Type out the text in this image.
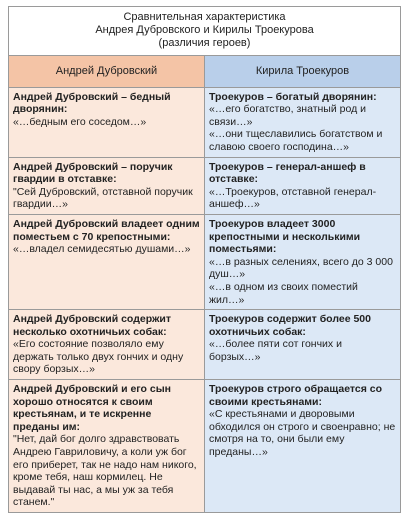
Сравнительная характеристика
Андрея Дубровского и Кирилы Троекурова
(различия героев)	

Андрей Дубровский	Кирила Троекуров

Андрей Дубровский – бедный дворянин:
«…бедным его соседом…»	Троекуров – богатый дворянин:
«…его богатство, знатный род и связи…»
«…они тщеславились богатством и славою своего господина…»

Андрей Дубровский – поручик гвардии в отставке:
"Сей Дубровский, отставной поручик гвардии…»	Троекуров – генерал-аншеф в отставке:
«…Троекуров, отставной генерал-аншеф…»

Андрей Дубровский владеет одним поместьем с 70 крепостными:
«…владел семидесятью душами…»	Троекуров владеет 3000 крепостными и несколькими поместьями:
«…в разных селениях, всего до 3 000 душ…»
«…в одном из своих поместий жил…»

Андрей Дубровский содержит несколько охотничьих собак:
«Его состояние позволяло ему держать только двух гончих и одну свору борзых…»	Троекуров содержит более 500 охотничьих собак:
«…более пяти сот гончих и борзых…»

Андрей Дубровский и его сын хорошо относятся к своим крестьянам, и те искренне преданы им:
"Нет, дай бог долго здравствовать Андрею Гавриловичу, а коли уж бог его приберет, так не надо нам никого, кроме тебя, наш кормилец. Не выдавай ты нас, а мы уж за тебя станем."	Троекуров строго обращается со своими крестьянами:
«С крестьянами и дворовыми обходился он строго и своенравно; не смотря на то, они были ему преданы…»
